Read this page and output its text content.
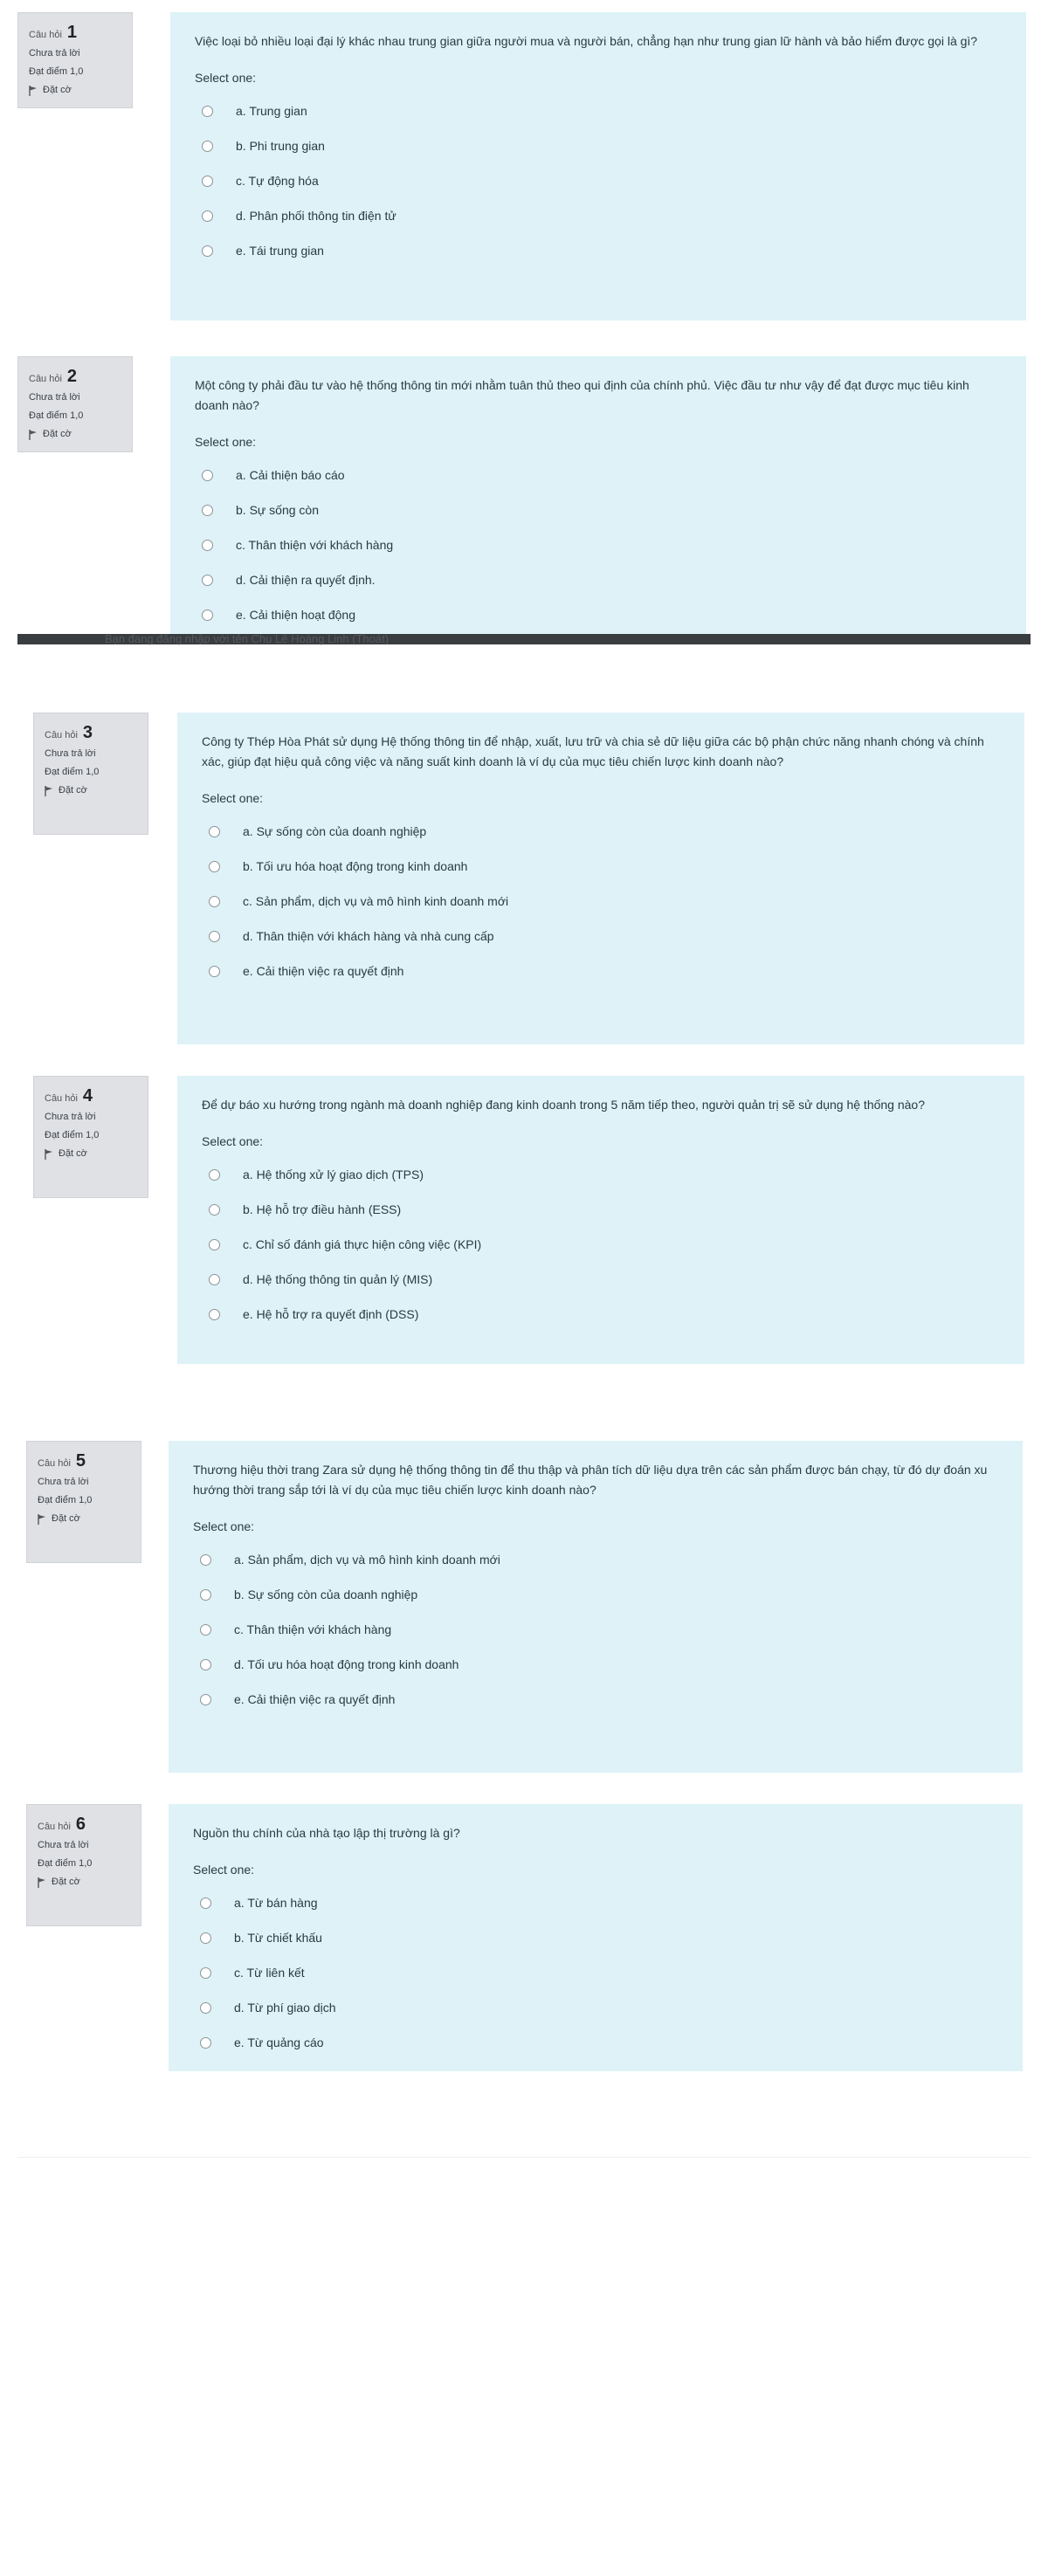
Câu hỏi 1
Chưa trả lời
Đạt điểm 1,0
Đặt cờ

Việc loại bỏ nhiều loại đại lý khác nhau trung gian giữa người mua và người bán, chẳng hạn như trung gian lữ hành và bảo hiểm được gọi là gì?

Select one:

a. Trung gian
b. Phi trung gian
c. Tự động hóa
d. Phân phối thông tin điện tử
e. Tái trung gian
Câu hỏi 2
Chưa trả lời
Đạt điểm 1,0
Đặt cờ

Một công ty phải đầu tư vào hệ thống thông tin mới nhằm tuân thủ theo qui định của chính phủ. Việc đầu tư như vậy để đạt được mục tiêu kinh doanh nào?

Select one:

a. Cải thiện báo cáo
b. Sự sống còn
c. Thân thiện với khách hàng
d. Cải thiện ra quyết định.
e. Cải thiện hoạt động
Bạn đang đăng nhập với tên Chu Lê Hoàng Linh (Thoát)
Câu hỏi 3
Chưa trả lời
Đạt điểm 1,0
Đặt cờ

Công ty Thép Hòa Phát sử dụng Hệ thống thông tin để nhập, xuất, lưu trữ và chia sẻ dữ liệu giữa các bộ phận chức năng nhanh chóng và chính xác, giúp đạt hiệu quả công việc và năng suất kinh doanh là ví dụ của mục tiêu chiến lược kinh doanh nào?

Select one:

a. Sự sống còn của doanh nghiệp
b. Tối ưu hóa hoạt động trong kinh doanh
c. Sản phẩm, dịch vụ và mô hình kinh doanh mới
d. Thân thiện với khách hàng và nhà cung cấp
e. Cải thiện việc ra quyết định
Câu hỏi 4
Chưa trả lời
Đạt điểm 1,0
Đặt cờ

Để dự báo xu hướng trong ngành mà doanh nghiệp đang kinh doanh trong 5 năm tiếp theo, người quản trị sẽ sử dụng hệ thống nào?

Select one:

a. Hệ thống xử lý giao dịch (TPS)
b. Hệ hỗ trợ điều hành (ESS)
c. Chỉ số đánh giá thực hiện công việc (KPI)
d. Hệ thống thông tin quản lý (MIS)
e. Hệ hỗ trợ ra quyết định (DSS)
Câu hỏi 5
Chưa trả lời
Đạt điểm 1,0
Đặt cờ

Thương hiệu thời trang Zara sử dụng hệ thống thông tin để thu thập và phân tích dữ liệu dựa trên các sản phẩm được bán chạy, từ đó dự đoán xu hướng thời trang sắp tới là ví dụ của mục tiêu chiến lược kinh doanh nào?

Select one:

a. Sản phẩm, dịch vụ và mô hình kinh doanh mới
b. Sự sống còn của doanh nghiệp
c. Thân thiện với khách hàng
d. Tối ưu hóa hoạt động trong kinh doanh
e. Cải thiện việc ra quyết định
Câu hỏi 6
Chưa trả lời
Đạt điểm 1,0
Đặt cờ

Nguồn thu chính của nhà tạo lập thị trường là gì?

Select one:

a. Từ bán hàng
b. Từ chiết khấu
c. Từ liên kết
d. Từ phí giao dịch
e. Từ quảng cáo
